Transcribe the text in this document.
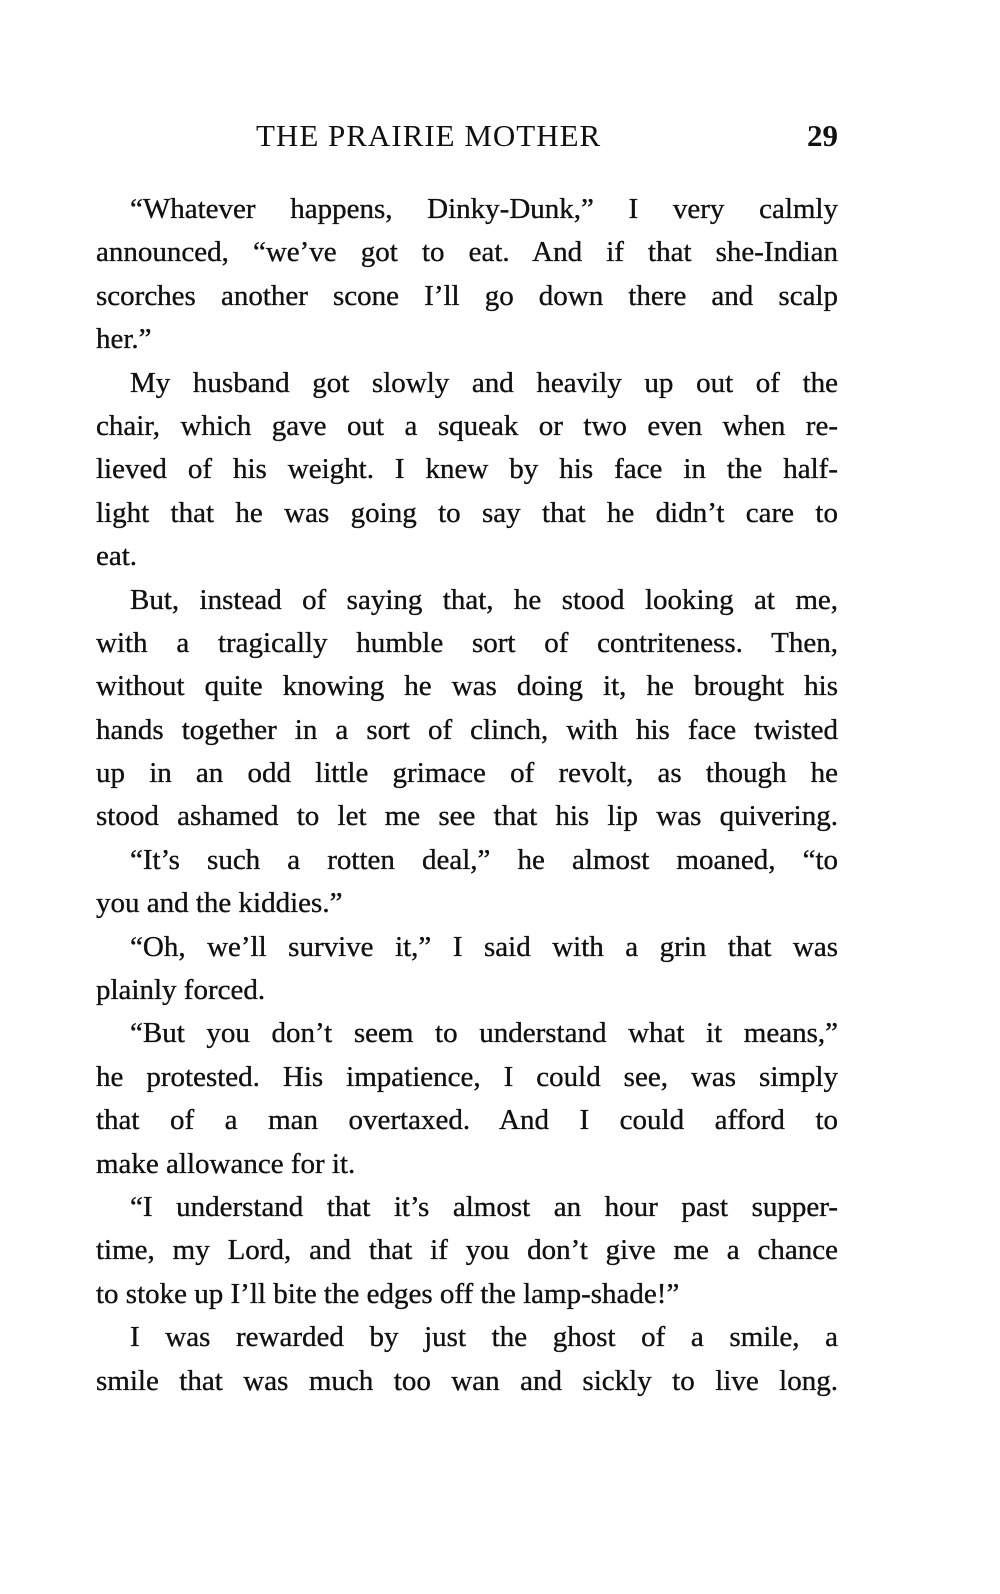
THE PRAIRIE MOTHER	29
“Whatever happens, Dinky-Dunk,” I very calmly
announced, “we’ve got to eat. And if that she-Indian
scorches another scone I’ll go down there and scalp
her.”
My husband got slowly and heavily up out of the
chair, which gave out a squeak or two even when re-
lieved of his weight. I knew by his face in the half-
light that he was going to say that he didn’t care to
eat.
But, instead of saying that, he stood looking at me,
with a tragically humble sort of contriteness. Then,
without quite knowing he was doing it, he brought his
hands together in a sort of clinch, with his face twisted
up in an odd little grimace of revolt, as though he
stood ashamed to let me see that his lip was quivering.
“It’s such a rotten deal,” he almost moaned, “to
you and the kiddies.”
“Oh, we’ll survive it,” I said with a grin that was
plainly forced.
“But you don’t seem to understand what it means,”
he protested. His impatience, I could see, was simply
that of a man overtaxed. And I could afford to
make allowance for it.
“I understand that it’s almost an hour past supper-
time, my Lord, and that if you don’t give me a chance
to stoke up I’ll bite the edges off the lamp-shade!”
I was rewarded by just the ghost of a smile, a
smile that was much too wan and sickly to live long.
